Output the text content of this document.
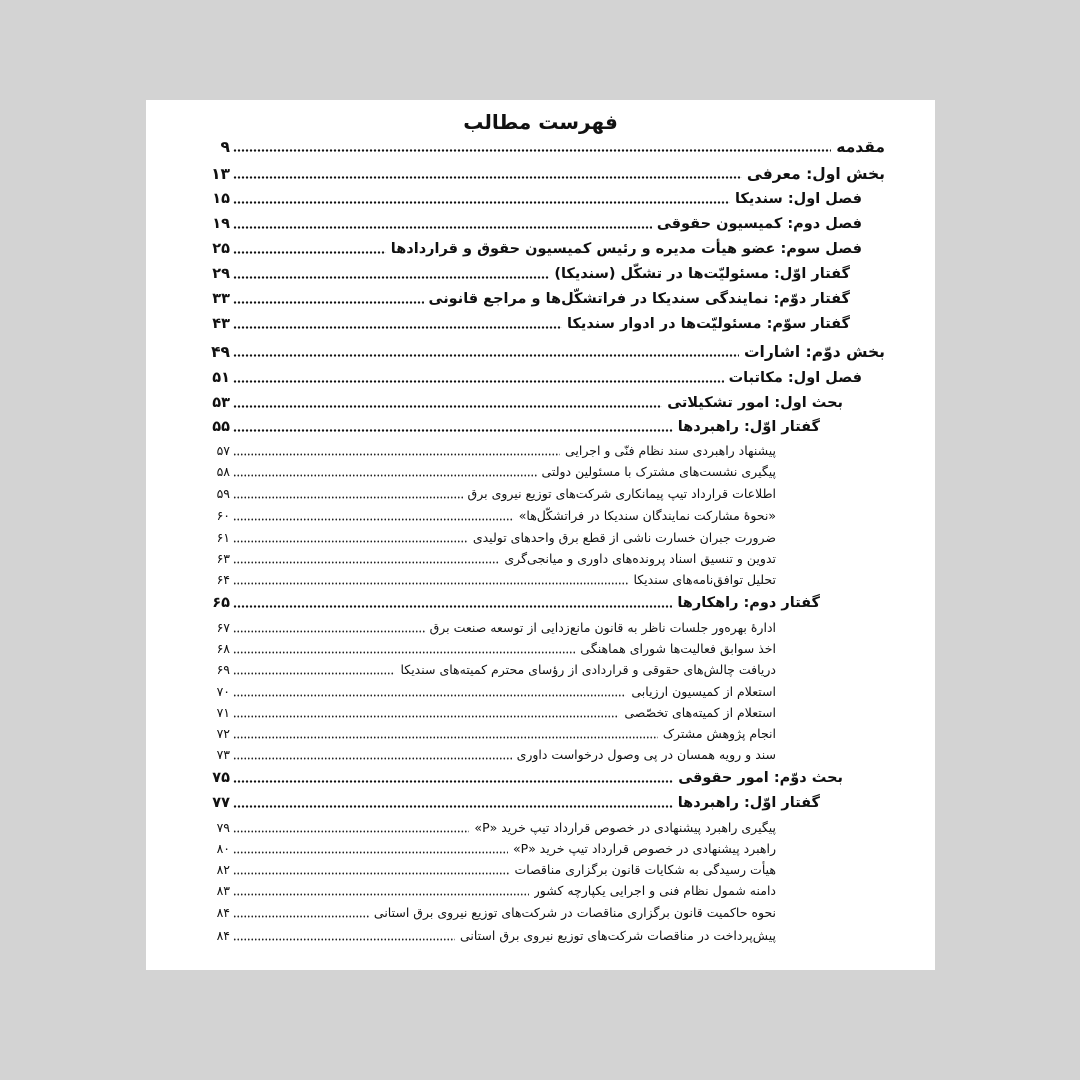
فهرست مطالب
۹	مقدمه
۱۳	بخش اول: معرفی
۱۵	فصل اول: سندیکا
۱۹	فصل دوم: کمیسیون حقوقی
۲۵	فصل سوم: عضو هیأت مدیره و رئیس کمیسیون حقوق و قراردادها
۲۹	گفتار اوّل: مسئولیّت‌ها در تشکّل (سندیکا)
۳۳	گفتار دوّم: نمایندگی سندیکا در فراتشکّل‌ها و مراجع قانونی
۴۳	گفتار سوّم: مسئولیّت‌ها در ادوار سندیکا
۴۹	بخش دوّم: اشارات
۵۱	فصل اول: مکاتبات
۵۳	بحث اول: امور تشکیلاتی
۵۵	گفتار اوّل: راهبردها
۵۷	پیشنهاد راهبردی سند نظام فنّی و اجرایی
۵۸	پیگیری نشست‌های مشترک با مسئولین دولتی
۵۹	اطلاعات قرارداد تیپ پیمانکاری شرکت‌های توزیع نیروی برق
۶۰	«نحوۀ مشارکت نمایندگان سندیکا در فراتشکّل‌ها»
۶۱	ضرورت جبران خسارت ناشی از قطع برق واحدهای تولیدی
۶۳	تدوین و تنسیق اسناد پرونده‌های داوری و میانجی‌گری
۶۴	تحلیل توافق‌نامه‌های سندیکا
۶۵	گفتار دوم: راهکارها
۶۷	ادارۀ بهره‌ور جلسات ناظر به قانون مانع‌زدایی از توسعه صنعت برق
۶۸	اخذ سوابق فعالیت‌ها شورای هماهنگی
۶۹	دریافت چالش‌های حقوقی و قراردادی از رؤسای محترم کمیته‌های سندیکا
۷۰	استعلام از کمیسیون ارزیابی
۷۱	استعلام از کمیته‌های تخصّصی
۷۲	انجام پژوهش مشترک
۷۳	سند و رویه همسان در پی وصول درخواست داوری
۷۵	بحث دوّم: امور حقوقی
۷۷	گفتار اوّل: راهبردها
۷۹	پیگیری راهبرد پیشنهادی در خصوص قرارداد تیپ خرید «P»
۸۰	راهبرد پیشنهادی در خصوص قرارداد تیپ خرید «P»
۸۲	هیأت رسیدگی به شکایات قانون برگزاری مناقصات
۸۳	دامنه شمول نظام فنی و اجرایی یکپارچه کشور
۸۴	نحوه حاکمیت قانون برگزاری مناقصات در شرکت‌های توزیع نیروی برق استانی
۸۴	پیش‌پرداخت در مناقصات شرکت‌های توزیع نیروی برق استانی
